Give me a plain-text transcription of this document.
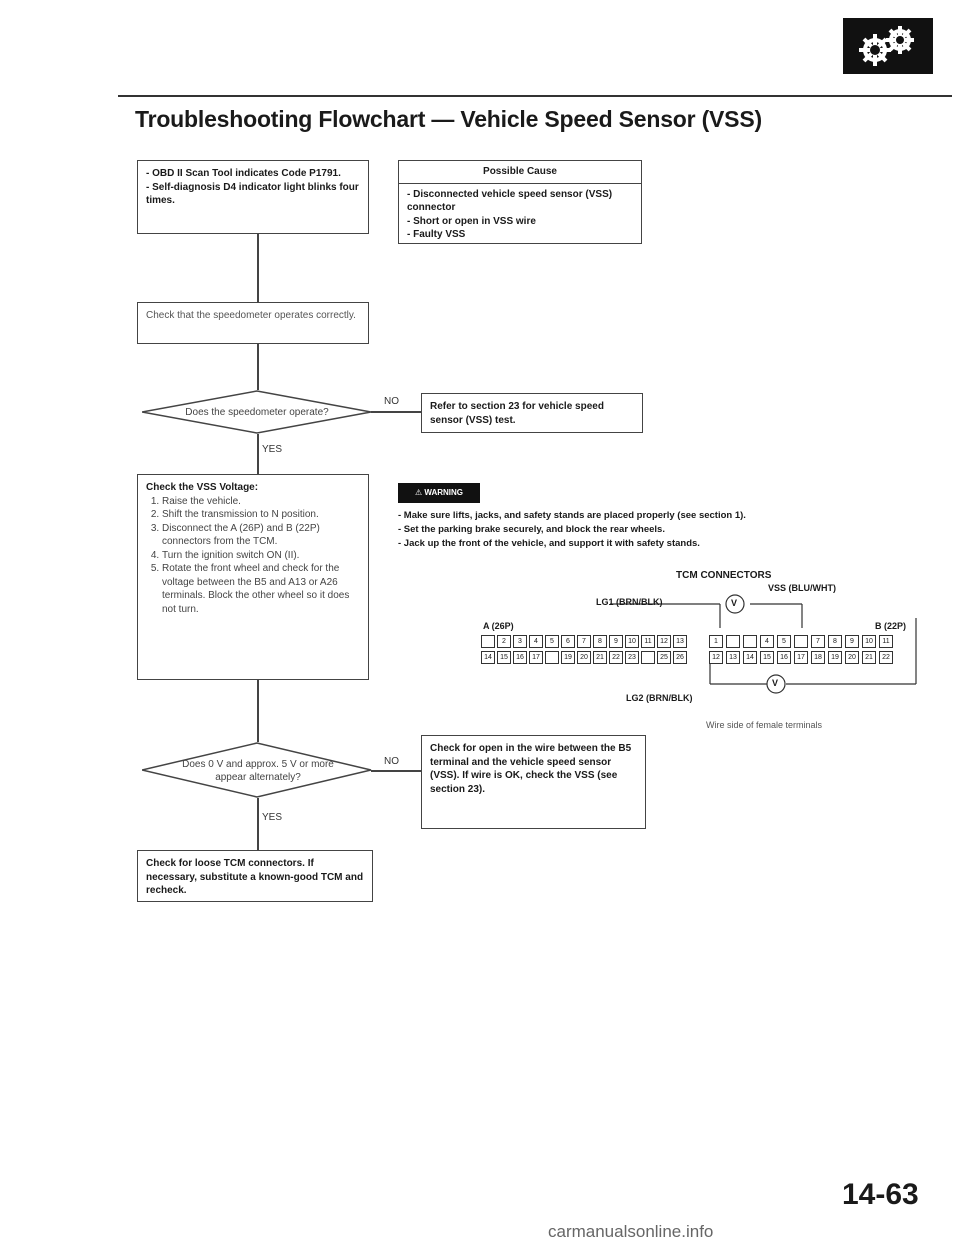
Troubleshooting Flowchart — Vehicle Speed Sensor (VSS)

- OBD II Scan Tool indicates Code P1791.

- Self-diagnosis D4 indicator light blinks four times.

Possible Cause

- Disconnected vehicle speed sensor (VSS) connector

- Short or open in VSS wire

- Faulty VSS

Check that the speedometer operates correctly.

Does the speedometer operate?
NO	Refer to section 23 for vehicle speed sensor (VSS) test.

YES

Check the VSS Voltage:

1. Raise the vehicle.
2. Shift the transmission to N position.
3. Disconnect the A (26P) and B (22P) connectors from the TCM.
4. Turn the ignition switch ON (II).
5. Rotate the front wheel and check for the voltage between the B5 and A13 or A26 terminals. Block the other wheel so it does not turn.
Does 0 V and approx. 5 V or more appear alternately?
NO

Check for open in the wire between the B5 terminal and the vehicle speed sensor (VSS). If wire is OK, check the VSS (see section 23).

YES

Check for loose TCM connectors. If necessary, substitute a known-good TCM and recheck.

⚠ WARNING

- Make sure lifts, jacks, and safety stands are placed properly (see section 1).

- Set the parking brake securely, and block the rear wheels.

- Jack up the front of the vehicle, and support it with safety stands.

TCM CONNECTORS
V
V
LG1 (BRN/BLK)
VSS (BLU/WHT)
A (26P)	B (22P)
2	3	4	5	6	7	8	9	10	11	12	13
14	15	16	17	19	20	21	22	23	25	26
1	4	5	7	8	9	10	11
12	13	14	15	16	17	18	19	20	21	22
LG2 (BRN/BLK)
Wire side of female terminals
14-63
carmanualsonline.info
